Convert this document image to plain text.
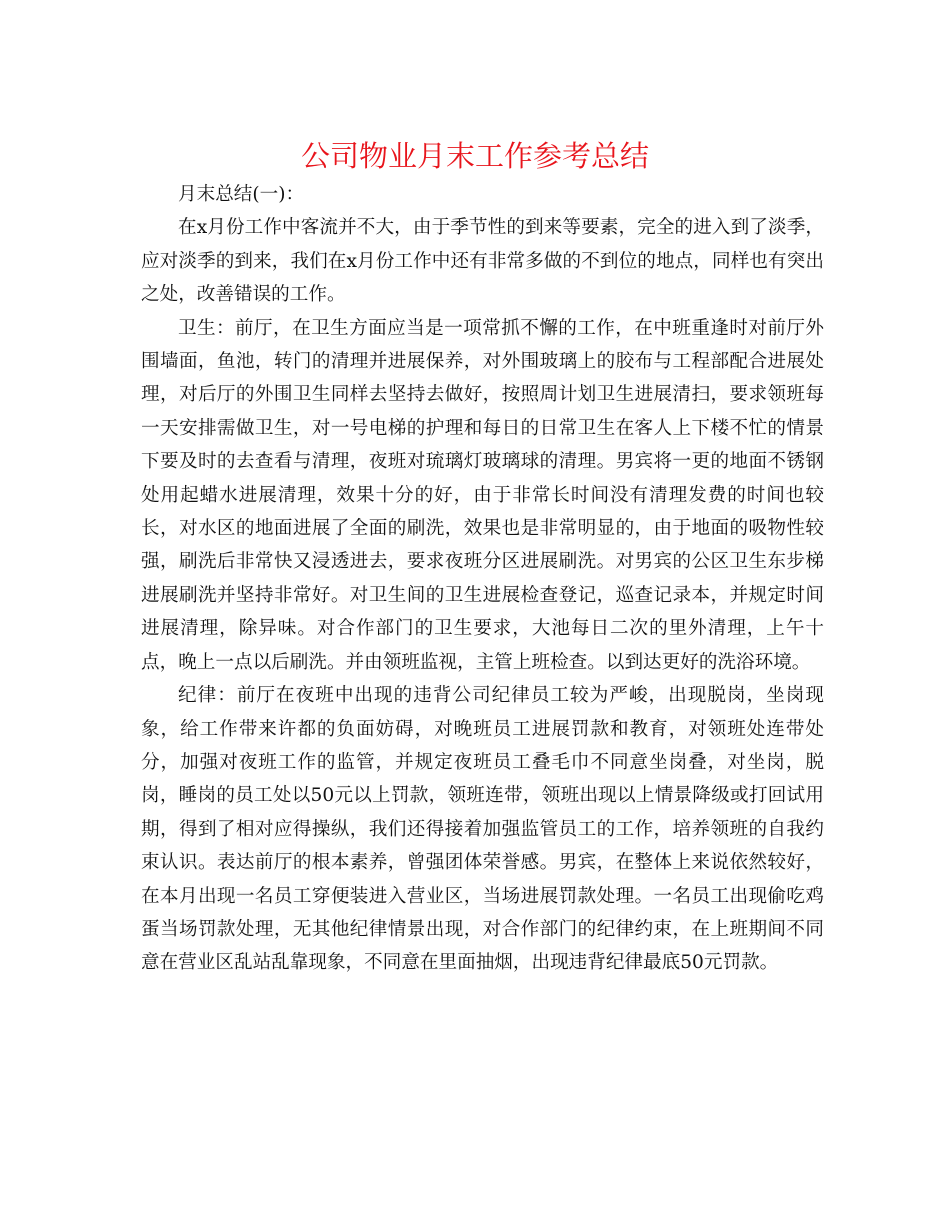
公司物业月末工作参考总结

月末总结(一)：

在x月份工作中客流并不大，由于季节性的到来等要素，完全的进入到了淡季，应对淡季的到来，我们在x月份工作中还有非常多做的不到位的地点，同样也有突出之处，改善错误的工作。

卫生：前厅，在卫生方面应当是一项常抓不懈的工作，在中班重逢时对前厅外围墙面，鱼池，转门的清理并进展保养，对外围玻璃上的胶布与工程部配合进展处理，对后厅的外围卫生同样去坚持去做好，按照周计划卫生进展清扫，要求领班每一天安排需做卫生，对一号电梯的护理和每日的日常卫生在客人上下楼不忙的情景下要及时的去查看与清理，夜班对琉璃灯玻璃球的清理。男宾将一更的地面不锈钢处用起蜡水进展清理，效果十分的好，由于非常长时间没有清理发费的时间也较长，对水区的地面进展了全面的刷洗，效果也是非常明显的，由于地面的吸物性较强，刷洗后非常快又浸透进去，要求夜班分区进展刷洗。对男宾的公区卫生东步梯进展刷洗并坚持非常好。对卫生间的卫生进展检查登记，巡查记录本，并规定时间进展清理，除异味。对合作部门的卫生要求，大池每日二次的里外清理，上午十点，晚上一点以后刷洗。并由领班监视，主管上班检查。以到达更好的洗浴环境。

纪律：前厅在夜班中出现的违背公司纪律员工较为严峻，出现脱岗，坐岗现象，给工作带来许都的负面妨碍，对晚班员工进展罚款和教育，对领班处连带处分，加强对夜班工作的监管，并规定夜班员工叠毛巾不同意坐岗叠，对坐岗，脱岗，睡岗的员工处以50元以上罚款，领班连带，领班出现以上情景降级或打回试用期，得到了相对应得操纵，我们还得接着加强监管员工的工作，培养领班的自我约束认识。表达前厅的根本素养，曾强团体荣誉感。男宾，在整体上来说依然较好，在本月出现一名员工穿便装进入营业区，当场进展罚款处理。一名员工出现偷吃鸡蛋当场罚款处理，无其他纪律情景出现，对合作部门的纪律约束，在上班期间不同意在营业区乱站乱靠现象，不同意在里面抽烟，出现违背纪律最底50元罚款。
